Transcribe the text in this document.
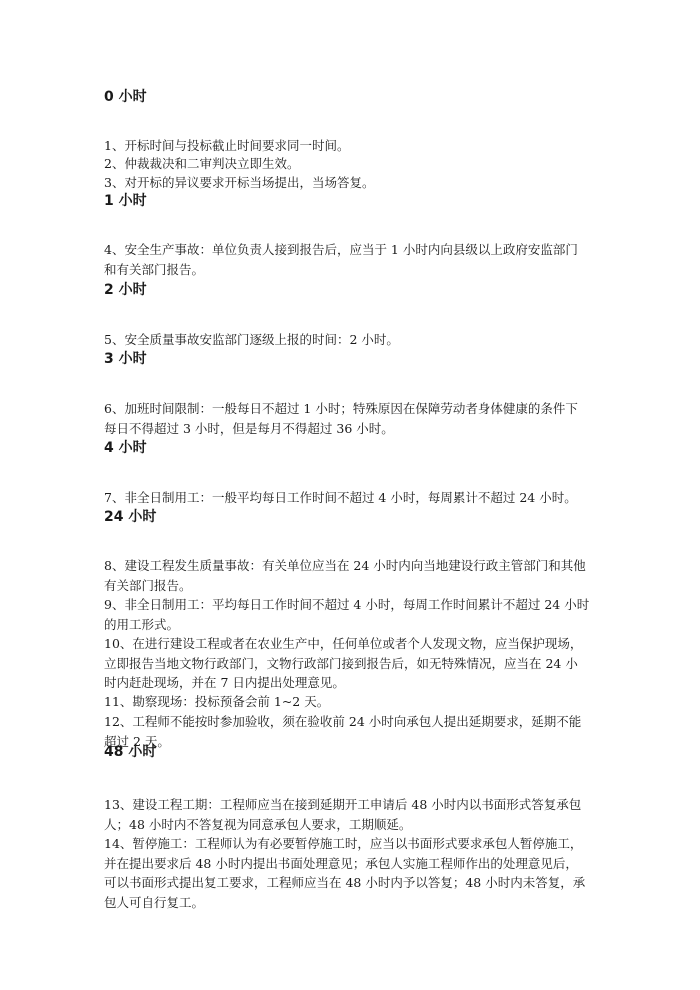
0 小时
1、开标时间与投标截止时间要求同一时间。
2、仲裁裁决和二审判决立即生效。
3、对开标的异议要求开标当场提出，当场答复。
1 小时
4、安全生产事故：单位负责人接到报告后，应当于 1 小时内向县级以上政府安监部门
和有关部门报告。
2 小时
5、安全质量事故安监部门逐级上报的时间：2 小时。
3 小时
6、加班时间限制：一般每日不超过 1 小时；特殊原因在保障劳动者身体健康的条件下
每日不得超过 3 小时，但是每月不得超过 36 小时。
4 小时
7、非全日制用工：一般平均每日工作时间不超过 4 小时，每周累计不超过 24 小时。
24 小时
8、建设工程发生质量事故：有关单位应当在 24 小时内向当地建设行政主管部门和其他
有关部门报告。
9、非全日制用工：平均每日工作时间不超过 4 小时，每周工作时间累计不超过 24 小时
的用工形式。
10、在进行建设工程或者在农业生产中，任何单位或者个人发现文物，应当保护现场，
立即报告当地文物行政部门，文物行政部门接到报告后，如无特殊情况，应当在 24 小
时内赶赴现场，并在 7 日内提出处理意见。
11、勘察现场：投标预备会前 1~2 天。
12、工程师不能按时参加验收，须在验收前 24 小时向承包人提出延期要求，延期不能
超过 2 天。
48 小时
13、建设工程工期：工程师应当在接到延期开工申请后 48 小时内以书面形式答复承包
人；48 小时内不答复视为同意承包人要求，工期顺延。
14、暂停施工：工程师认为有必要暂停施工时，应当以书面形式要求承包人暂停施工，
并在提出要求后 48 小时内提出书面处理意见；承包人实施工程师作出的处理意见后，
可以书面形式提出复工要求，工程师应当在 48 小时内予以答复；48 小时内未答复，承
包人可自行复工。
